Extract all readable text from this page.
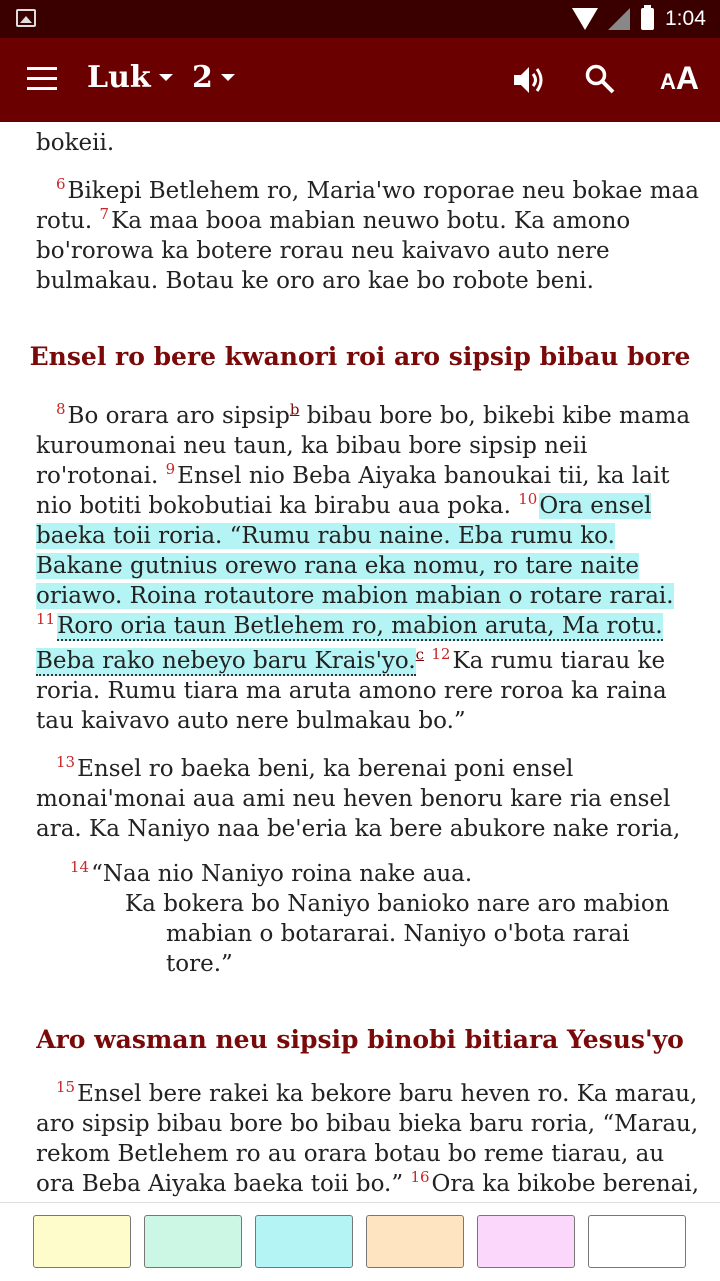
1:04
Luk	2	AA
bokeii.
$^6$Bikepi Betlehem ro, Maria'wo roporae neu bokae maa
rotu. $^7$Ka maa booa mabian neuwo botu. Ka amono
bo'rorowa ka botere rorau neu kaivavo auto nere
bulmakau. Botau ke oro aro kae bo robote beni.
Ensel ro bere kwanori roi aro sipsip bibau bore
$^8$Bo orara aro sipsip$^b$ bibau bore bo, bikebi kibe mama
kuroumonai neu taun, ka bibau bore sipsip neii
ro'rotonai. $^9$Ensel nio Beba Aiyaka banoukai tii, ka lait
nio botiti bokobutiai ka birabu aua poka. $^{10}$Ora ensel
baeka toii roria. “Rumu rabu naine. Eba rumu ko.
Bakane gutnius orewo rana eka nomu, ro tare naite
oriawo. Roina rotautore mabion mabian o rotare rarai.
$^{11}$Roro oria taun Betlehem ro, mabion aruta, Ma rotu.
Beba rako nebeyo baru Krais'yo.$^c$ $^{12}$Ka rumu tiarau ke
roria. Rumu tiara ma aruta amono rere roroa ka raina
tau kaivavo auto nere bulmakau bo.”
$^{13}$Ensel ro baeka beni, ka berenai poni ensel
monai'monai aua ami neu heven benoru kare ria ensel
ara. Ka Naniyo naa be'eria ka bere abukore nake roria,
$^{14}$“Naa nio Naniyo roina nake aua.
Ka bokera bo Naniyo banioko nare aro mabion
mabian o botararai. Naniyo o'bota rarai
tore.”
Aro wasman neu sipsip binobi bitiara Yesus'yo
$^{15}$Ensel bere rakei ka bekore baru heven ro. Ka marau,
aro sipsip bibau bore bo bibau bieka baru roria, “Marau,
rekom Betlehem ro au orara botau bo reme tiarau, au
ora Beba Aiyaka baeka toii bo.” $^{16}$Ora ka bikobe berenai,
